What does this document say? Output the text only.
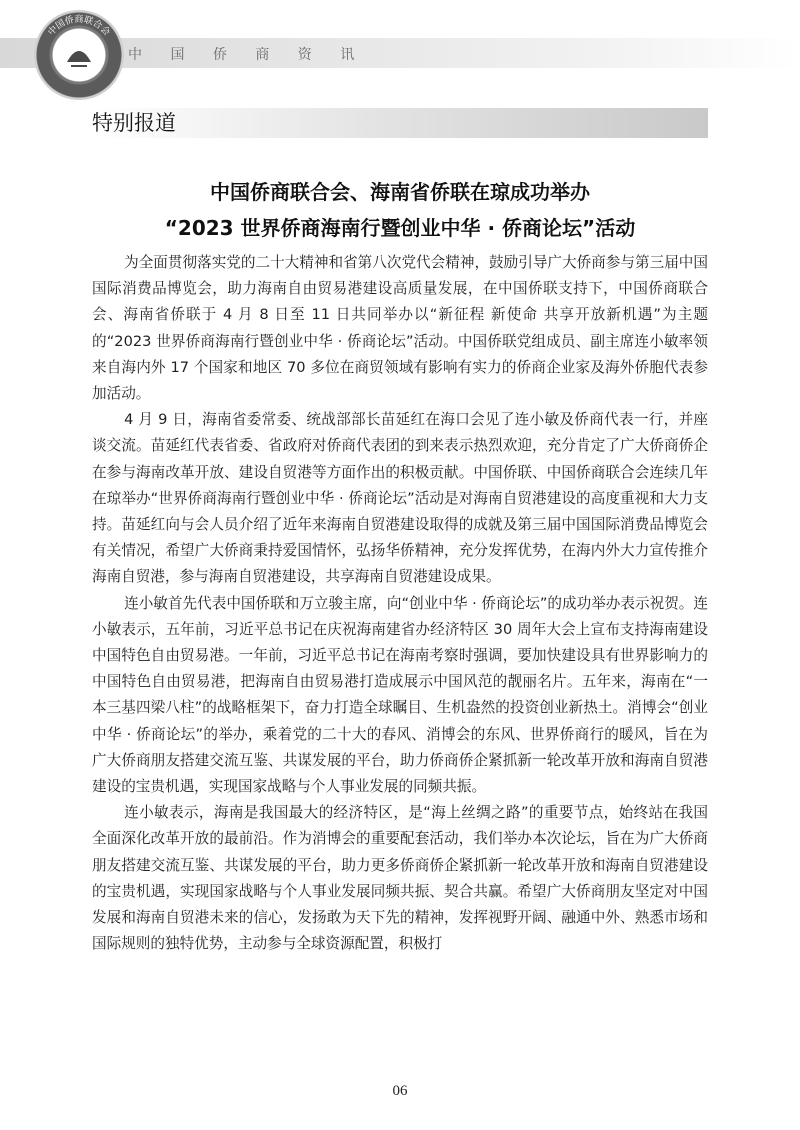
中国侨商联合会
中 国 侨 商 资 讯
特别报道
中国侨商联合会、海南省侨联在琼成功举办
“2023 世界侨商海南行暨创业中华 · 侨商论坛”活动

为全面贯彻落实党的二十大精神和省第八次党代会精神，鼓励引导广大侨商参与第三届中国国际消费品博览会，助力海南自由贸易港建设高质量发展，在中国侨联支持下，中国侨商联合会、海南省侨联于 4 月 8 日至 11 日共同举办以“新征程 新使命 共享开放新机遇”为主题的“2023 世界侨商海南行暨创业中华 · 侨商论坛”活动。中国侨联党组成员、副主席连小敏率领来自海内外 17 个国家和地区 70 多位在商贸领域有影响有实力的侨商企业家及海外侨胞代表参加活动。

4 月 9 日，海南省委常委、统战部部长苗延红在海口会见了连小敏及侨商代表一行，并座谈交流。苗延红代表省委、省政府对侨商代表团的到来表示热烈欢迎，充分肯定了广大侨商侨企在参与海南改革开放、建设自贸港等方面作出的积极贡献。中国侨联、中国侨商联合会连续几年在琼举办“世界侨商海南行暨创业中华 · 侨商论坛”活动是对海南自贸港建设的高度重视和大力支持。苗延红向与会人员介绍了近年来海南自贸港建设取得的成就及第三届中国国际消费品博览会有关情况，希望广大侨商秉持爱国情怀，弘扬华侨精神，充分发挥优势，在海内外大力宣传推介海南自贸港，参与海南自贸港建设，共享海南自贸港建设成果。

连小敏首先代表中国侨联和万立骏主席，向“创业中华 · 侨商论坛”的成功举办表示祝贺。连小敏表示，五年前，习近平总书记在庆祝海南建省办经济特区 30 周年大会上宣布支持海南建设中国特色自由贸易港。一年前，习近平总书记在海南考察时强调，要加快建设具有世界影响力的中国特色自由贸易港，把海南自由贸易港打造成展示中国风范的靓丽名片。五年来，海南在“一本三基四梁八柱”的战略框架下，奋力打造全球瞩目、生机盎然的投资创业新热土。消博会“创业中华 · 侨商论坛”的举办，乘着党的二十大的春风、消博会的东风、世界侨商行的暖风，旨在为广大侨商朋友搭建交流互鉴、共谋发展的平台，助力侨商侨企紧抓新一轮改革开放和海南自贸港建设的宝贵机遇，实现国家战略与个人事业发展的同频共振。

连小敏表示，海南是我国最大的经济特区，是“海上丝绸之路”的重要节点，始终站在我国全面深化改革开放的最前沿。作为消博会的重要配套活动，我们举办本次论坛，旨在为广大侨商朋友搭建交流互鉴、共谋发展的平台，助力更多侨商侨企紧抓新一轮改革开放和海南自贸港建设的宝贵机遇，实现国家战略与个人事业发展同频共振、契合共赢。希望广大侨商朋友坚定对中国发展和海南自贸港未来的信心，发扬敢为天下先的精神，发挥视野开阔、融通中外、熟悉市场和国际规则的独特优势，主动参与全球资源配置，积极打

06
